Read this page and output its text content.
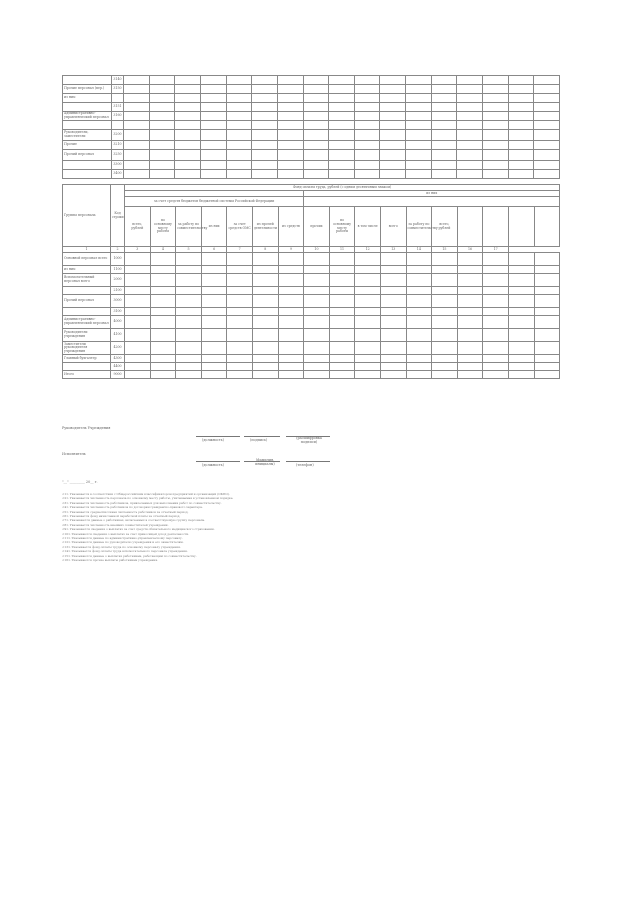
	3140																	
Прочие персонал (пер.)	3150																	
из них:																		
	3151																	
Административно-управленческий персонал	3160																	

Руководители, заместители	3200																	
Прочие	3210																	
Прочий персонал	3250																	
	3300																	
	3400																	
Группы персонала	Код строки	Фонд оплаты труда, рублей (с одним десятичным знаком)																
									из них									
		за счет средств бюджетов бюджетной системы Российской Федерации																
		всего, рублей	по основному месту работы	за работу по совместительству	из них	за счет средств ОМС	из прочей деятельности	из средств	прочих	по основному месту работы	в том числе	всего	за работу по совместительству	всего, рублей				
1	2	3	4	5	6	7	8	9	10	11	12	13	14	15	16	17		
Основной персонал всего	1000																	
из них:	1100																	
Вспомогательный персонал всего	2000																	
	2100																	
Прочий персонал	3000																	
	3100																	
Административно-управленческий персонал	4000																	
Руководители учреждения	4100																	
Заместители руководителя учреждения	4200																	
Главный бухгалтер	4300																	
	4400																	
Итого	9000																	
Руководитель Учреждения
(должность)	(подпись)	(расшифровка подписи)
Исполнитель
(должность)
(фамилия, инициалы)	(телефон)
"__" _________ 20__ г.

<1> Указывается в соответствии с Общероссийским классификатором предприятий и организаций (ОКПО).

<2> Указывается численность персонала по основному месту работы, учитываемая в установленном порядке.

<3> Указывается численность работников, привлеченных для выполнения работ по совместительству.

<4> Указывается численность работников по договорам гражданско-правового характера.

<5> Указывается среднесписочная численность работников за отчетный период.

<6> Указывается фонд начисленной заработной платы за отчетный период.

<7> Указываются данные о работниках, включенных в соответствующую группу персонала.

<8> Указывается численность внешних совместителей учреждения.

<9> Указываются сведения о выплатах за счет средств обязательного медицинского страхования.

<10> Указываются сведения о выплатах за счет приносящей доход деятельности.

<11> Указываются данные по административно-управленческому персоналу.

<12> Указываются данные по руководителю учреждения и его заместителям.

<13> Указывается фонд оплаты труда по основному персоналу учреждения.

<14> Указывается фонд оплаты труда вспомогательного персонала учреждения.

<15> Указываются данные о выплатах работникам, работающим по совместительству.

<16> Указываются прочие выплаты работникам учреждения.
